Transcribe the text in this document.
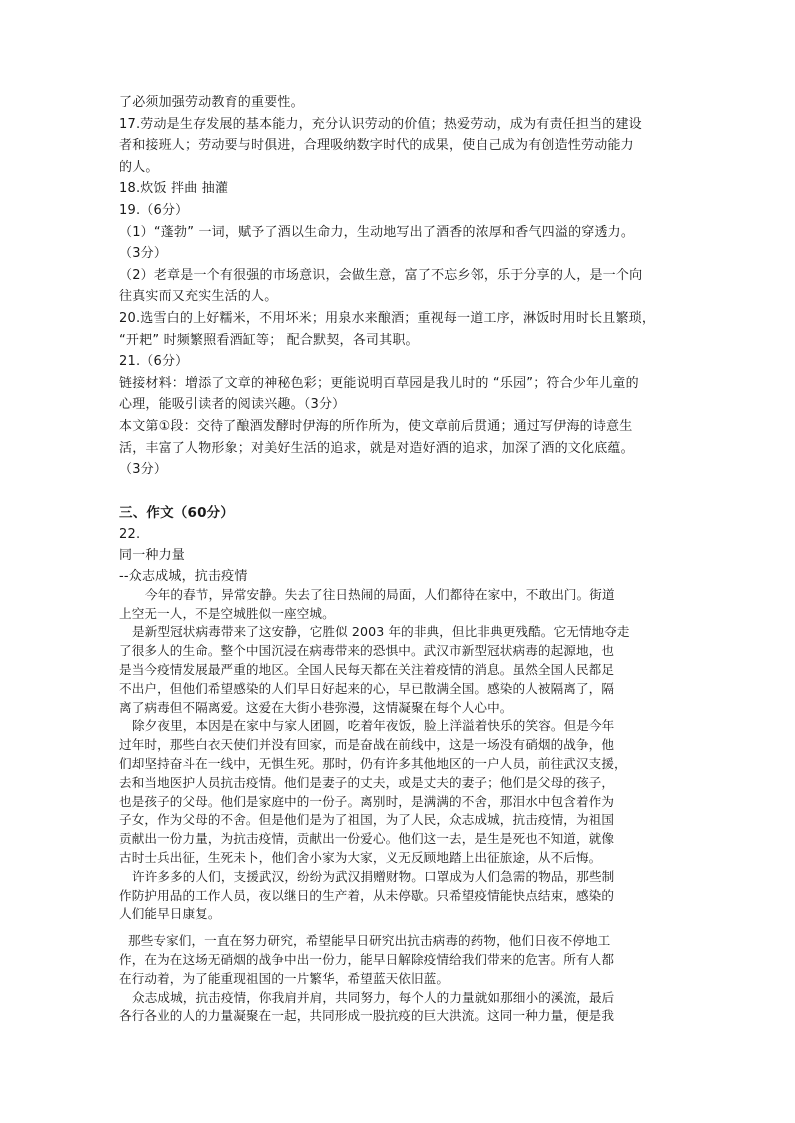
了必须加强劳动教育的重要性。
17.劳动是生存发展的基本能力，充分认识劳动的价值；热爱劳动，成为有责任担当的建设
者和接班人；劳动要与时俱进，合理吸纳数字时代的成果，使自己成为有创造性劳动能力
的人。
18.炊饭 拌曲 抽灌
19.（6分）
（1）“蓬勃” 一词，赋予了酒以生命力，生动地写出了酒香的浓厚和香气四溢的穿透力。
（3分）
（2）老章是一个有很强的市场意识，会做生意，富了不忘乡邻，乐于分享的人，是一个向
往真实而又充实生活的人。
20.选雪白的上好糯米，不用坏米；用泉水来酿酒；重视每一道工序，淋饭时用时长且繁琐，
“开耙” 时频繁照看酒缸等； 配合默契，各司其职。
21.（6分）
链接材料：增添了文章的神秘色彩；更能说明百草园是我儿时的 “乐园”；符合少年儿童的
心理，能吸引读者的阅读兴趣。（3分）
本文第①段：交待了酿酒发酵时伊海的所作所为，使文章前后贯通；通过写伊海的诗意生
活，丰富了人物形象；对美好生活的追求，就是对造好酒的追求，加深了酒的文化底蕴。
（3分）
三、作文（60分）
22.
同一种力量
--众志成城，抗击疫情
今年的春节，异常安静。失去了往日热闹的局面，人们都待在家中，不敢出门。街道
上空无一人，不是空城胜似一座空城。
是新型冠状病毒带来了这安静，它胜似 2003 年的非典，但比非典更残酷。它无情地夺走
了很多人的生命。整个中国沉浸在病毒带来的恐惧中。武汉市新型冠状病毒的起源地，也
是当今疫情发展最严重的地区。全国人民每天都在关注着疫情的消息。虽然全国人民都足
不出户，但他们希望感染的人们早日好起来的心，早已散满全国。感染的人被隔离了，隔
离了病毒但不隔离爱。这爱在大街小巷弥漫，这情凝聚在每个人心中。
除夕夜里，本因是在家中与家人团圆，吃着年夜饭，脸上洋溢着快乐的笑容。但是今年
过年时，那些白衣天使们并没有回家，而是奋战在前线中，这是一场没有硝烟的战争，他
们却坚持奋斗在一线中，无惧生死。那时，仍有许多其他地区的一户人员，前往武汉支援，
去和当地医护人员抗击疫情。他们是妻子的丈夫，或是丈夫的妻子；他们是父母的孩子，
也是孩子的父母。他们是家庭中的一份子。离别时，是满满的不舍，那泪水中包含着作为
子女，作为父母的不舍。但是他们是为了祖国，为了人民，众志成城，抗击疫情，为祖国
贡献出一份力量，为抗击疫情，贡献出一份爱心。他们这一去，是生是死也不知道，就像
古时士兵出征，生死未卜，他们舍小家为大家，义无反顾地踏上出征旅途，从不后悔。
许许多多的人们，支援武汉，纷纷为武汉捐赠财物。口罩成为人们急需的物品，那些制
作防护用品的工作人员，夜以继日的生产着，从未停歇。只希望疫情能快点结束，感染的
人们能早日康复。
那些专家们，一直在努力研究，希望能早日研究出抗击病毒的药物，他们日夜不停地工
作，在为在这场无硝烟的战争中出一份力，能早日解除疫情给我们带来的危害。所有人都
在行动着，为了能重现祖国的一片繁华，希望蓝天依旧蓝。
众志成城，抗击疫情，你我肩并肩，共同努力，每个人的力量就如那细小的溪流，最后
各行各业的人的力量凝聚在一起，共同形成一股抗疫的巨大洪流。这同一种力量，便是我
